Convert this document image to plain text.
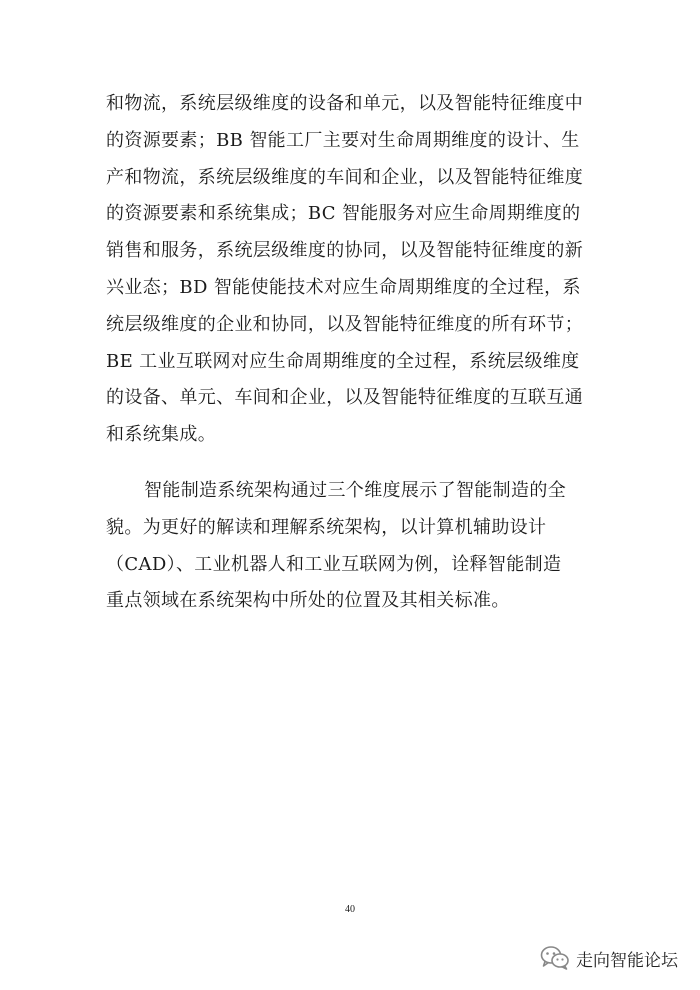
和物流，系统层级维度的设备和单元，以及智能特征维度中
的资源要素；BB 智能工厂主要对生命周期维度的设计、生
产和物流，系统层级维度的车间和企业，以及智能特征维度
的资源要素和系统集成；BC 智能服务对应生命周期维度的
销售和服务，系统层级维度的协同，以及智能特征维度的新
兴业态；BD 智能使能技术对应生命周期维度的全过程，系
统层级维度的企业和协同，以及智能特征维度的所有环节；
BE 工业互联网对应生命周期维度的全过程，系统层级维度
的设备、单元、车间和企业，以及智能特征维度的互联互通
和系统集成。
智能制造系统架构通过三个维度展示了智能制造的全
貌。为更好的解读和理解系统架构，以计算机辅助设计
（CAD）、工业机器人和工业互联网为例，诠释智能制造
重点领域在系统架构中所处的位置及其相关标准。
40
走向智能论坛
